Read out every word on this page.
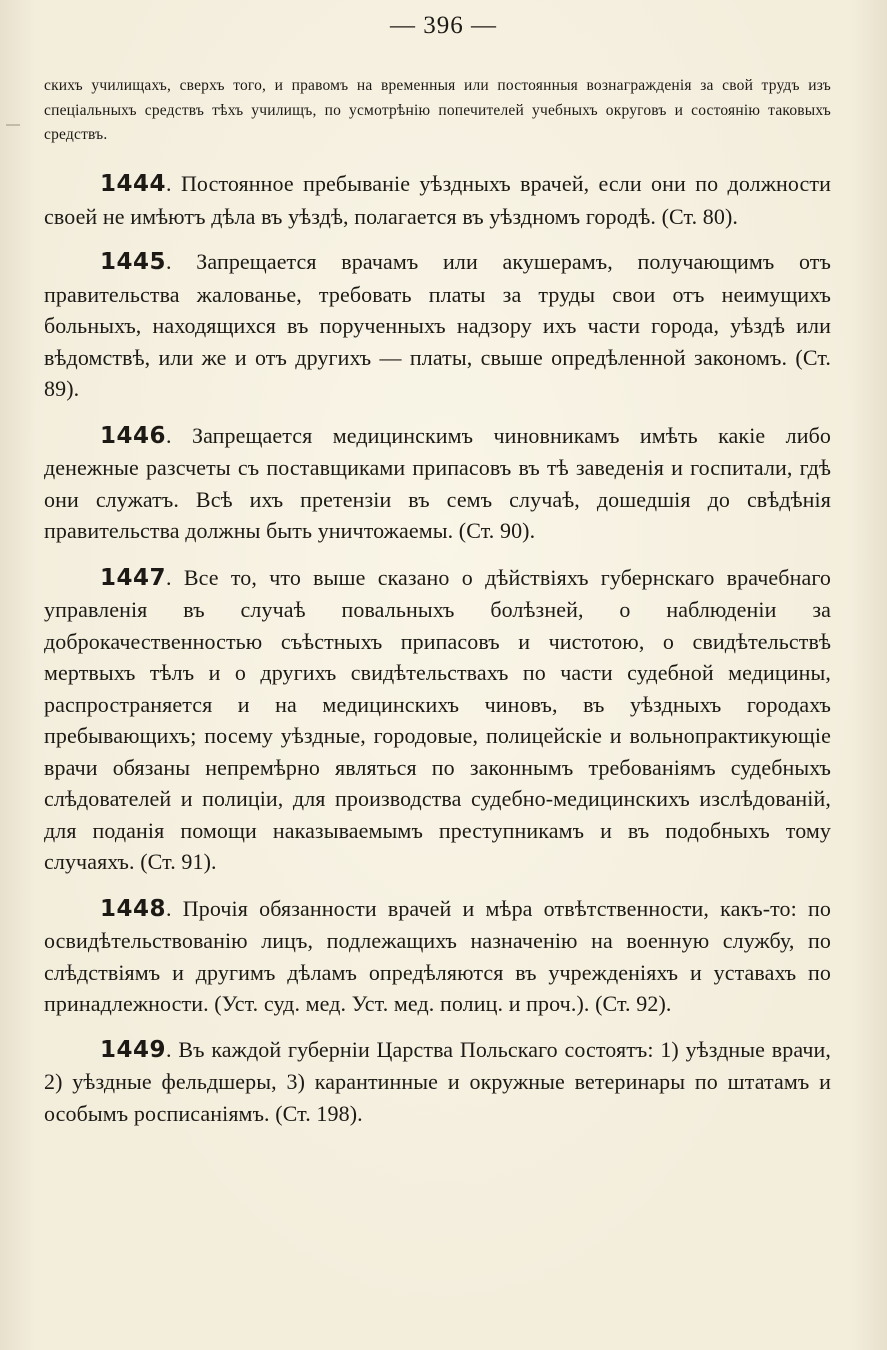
— 396 —

скихъ училищахъ, сверхъ того, и правомъ на временныя или постоянныя вознагражденія за свой трудъ изъ спеціальныхъ средствъ тѣхъ училищъ, по усмотрѣнію попечителей учебныхъ округовъ и состоянію таковыхъ средствъ.

1444. Постоянное пребываніе уѣздныхъ врачей, если они по должности своей не имѣютъ дѣла въ уѣздѣ, полагается въ уѣздномъ городѣ. (Ст. 80).

1445. Запрещается врачамъ или акушерамъ, получающимъ отъ правительства жалованье, требовать платы за труды свои отъ неимущихъ больныхъ, находящихся въ порученныхъ надзору ихъ части города, уѣздѣ или вѣдомствѣ, или же и отъ другихъ — платы, свыше опредѣленной закономъ. (Ст. 89).

1446. Запрещается медицинскимъ чиновникамъ имѣть какіе либо денежные разсчеты съ поставщиками припасовъ въ тѣ заведенія и госпитали, гдѣ они служатъ. Всѣ ихъ претензіи въ семъ случаѣ, дошедшія до свѣдѣнія правительства должны быть уничтожаемы. (Ст. 90).

1447. Все то, что выше сказано о дѣйствіяхъ губернскаго врачебнаго управленія въ случаѣ повальныхъ болѣзней, о наблюденіи за доброкачественностью съѣстныхъ припасовъ и чистотою, о свидѣтельствѣ мертвыхъ тѣлъ и о другихъ свидѣтельствахъ по части судебной медицины, распространяется и на медицинскихъ чиновъ, въ уѣздныхъ городахъ пребывающихъ; посему уѣздные, городовые, полицейскіе и вольнопрактикующіе врачи обязаны непремѣрно являться по законнымъ требованіямъ судебныхъ слѣдователей и полиціи, для производства судебно-медицинскихъ изслѣдованій, для поданія помощи наказываемымъ преступникамъ и въ подобныхъ тому случаяхъ. (Ст. 91).

1448. Прочія обязанности врачей и мѣра отвѣтственности, какъ-то: по освидѣтельствованію лицъ, подлежащихъ назначенію на военную службу, по слѣдствіямъ и другимъ дѣламъ опредѣляются въ учрежденіяхъ и уставахъ по принадлежности. (Уст. суд. мед. Уст. мед. полиц. и проч.). (Ст. 92).

1449. Въ каждой губерніи Царства Польскаго состоятъ: 1) уѣздные врачи, 2) уѣздные фельдшеры, 3) карантинные и окружные ветеринары по штатамъ и особымъ росписаніямъ. (Ст. 198).
